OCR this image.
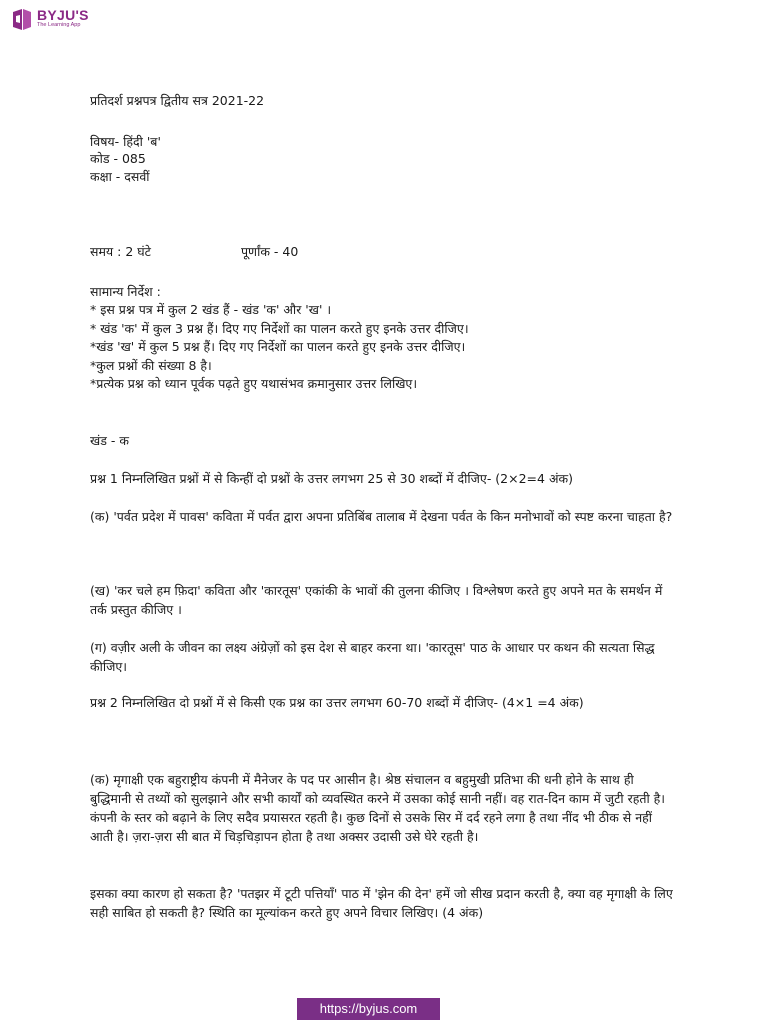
BYJU'S
The Learning App
प्रतिदर्श प्रश्नपत्र द्वितीय सत्र 2021-22
विषय- हिंदी 'ब'
कोड - 085
कक्षा - दसवीं
समय : 2 घंटे	पूर्णांक - 40
सामान्य निर्देश :
* इस प्रश्न पत्र में कुल 2 खंड हैं - खंड 'क' और 'ख' ।
* खंड 'क' में कुल 3 प्रश्न हैं। दिए गए निर्देशों का पालन करते हुए इनके उत्तर दीजिए।
*खंड 'ख' में कुल 5 प्रश्न हैं। दिए गए निर्देशों का पालन करते हुए इनके उत्तर दीजिए।
*कुल प्रश्नों की संख्या 8 है।
*प्रत्येक प्रश्न को ध्यान पूर्वक पढ़ते हुए यथासंभव क्रमानुसार उत्तर लिखिए।
खंड - क
प्रश्न 1 निम्नलिखित प्रश्नों में से किन्हीं दो प्रश्नों के उत्तर लगभग 25 से 30 शब्दों में दीजिए- (2×2=4 अंक)
(क) 'पर्वत प्रदेश में पावस' कविता में पर्वत द्वारा अपना प्रतिबिंब तालाब में देखना पर्वत के किन मनोभावों को स्पष्ट करना चाहता है?
(ख) 'कर चले हम फ़िदा' कविता और 'कारतूस' एकांकी के भावों की तुलना कीजिए । विश्लेषण करते हुए अपने मत के समर्थन में तर्क प्रस्तुत कीजिए ।
(ग) वज़ीर अली के जीवन का लक्ष्य अंग्रेज़ों को इस देश से बाहर करना था। 'कारतूस' पाठ के आधार पर कथन की सत्यता सिद्ध कीजिए।
प्रश्न 2 निम्नलिखित दो प्रश्नों में से किसी एक प्रश्न का उत्तर लगभग 60-70 शब्दों में दीजिए- (4×1 =4 अंक)
(क) मृगाक्षी एक बहुराष्ट्रीय कंपनी में मैनेजर के पद पर आसीन है। श्रेष्ठ संचालन व बहुमुखी प्रतिभा की धनी होने के साथ ही बुद्धिमानी से तथ्यों को सुलझाने और सभी कार्यों को व्यवस्थित करने में उसका कोई सानी नहीं। वह रात-दिन काम में जुटी रहती है। कंपनी के स्तर को बढ़ाने के लिए सदैव प्रयासरत रहती है। कुछ दिनों से उसके सिर में दर्द रहने लगा है तथा नींद भी ठीक से नहीं आती है। ज़रा-ज़रा सी बात में चिड़चिड़ापन होता है तथा अक्सर उदासी उसे घेरे रहती है।
इसका क्या कारण हो सकता है? 'पतझर में टूटी पत्तियाँ' पाठ में 'झेन की देन' हमें जो सीख प्रदान करती है, क्या वह मृगाक्षी के लिए सही साबित हो सकती है? स्थिति का मूल्यांकन करते हुए अपने विचार लिखिए। (4 अंक)
https://byjus.com
